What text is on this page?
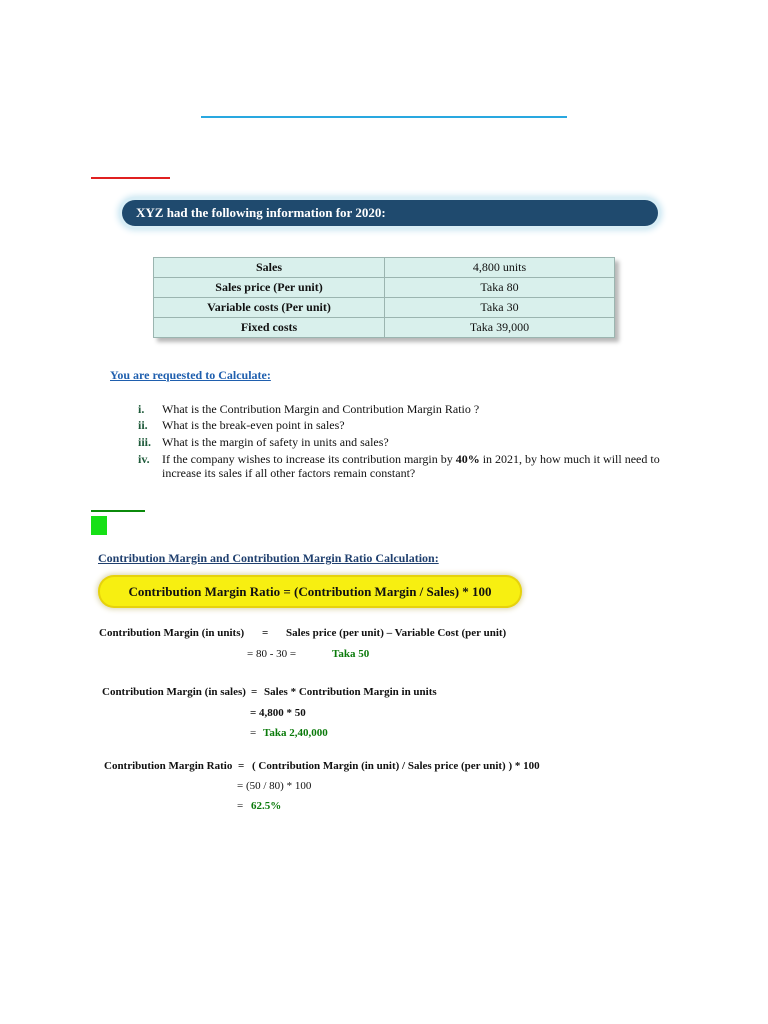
XYZ had the following information for 2020:
Sales	4,800 units
Sales price (Per unit)	Taka 80
Variable costs (Per unit)	Taka 30
Fixed costs	Taka 39,000
You are requested to Calculate:
i. What is the Contribution Margin and Contribution Margin Ratio ?
ii. What is the break-even point in sales?
iii. What is the margin of safety in units and sales?
iv. If the company wishes to increase its contribution margin by 40% in 2021, by how much it will need to increase its sales if all other factors remain constant?
Contribution Margin and Contribution Margin Ratio Calculation:
Contribution Margin Ratio = (Contribution Margin / Sales) * 100
Contribution Margin (in units) = Sales price (per unit) – Variable Cost (per unit)
= 80 - 30 =	Taka 50
Contribution Margin (in sales) = Sales * Contribution Margin in units
= 4,800 * 50
= Taka 2,40,000
Contribution Margin Ratio = ( Contribution Margin (in unit) / Sales price (per unit) ) * 100
= (50 / 80) * 100
= 62.5%
